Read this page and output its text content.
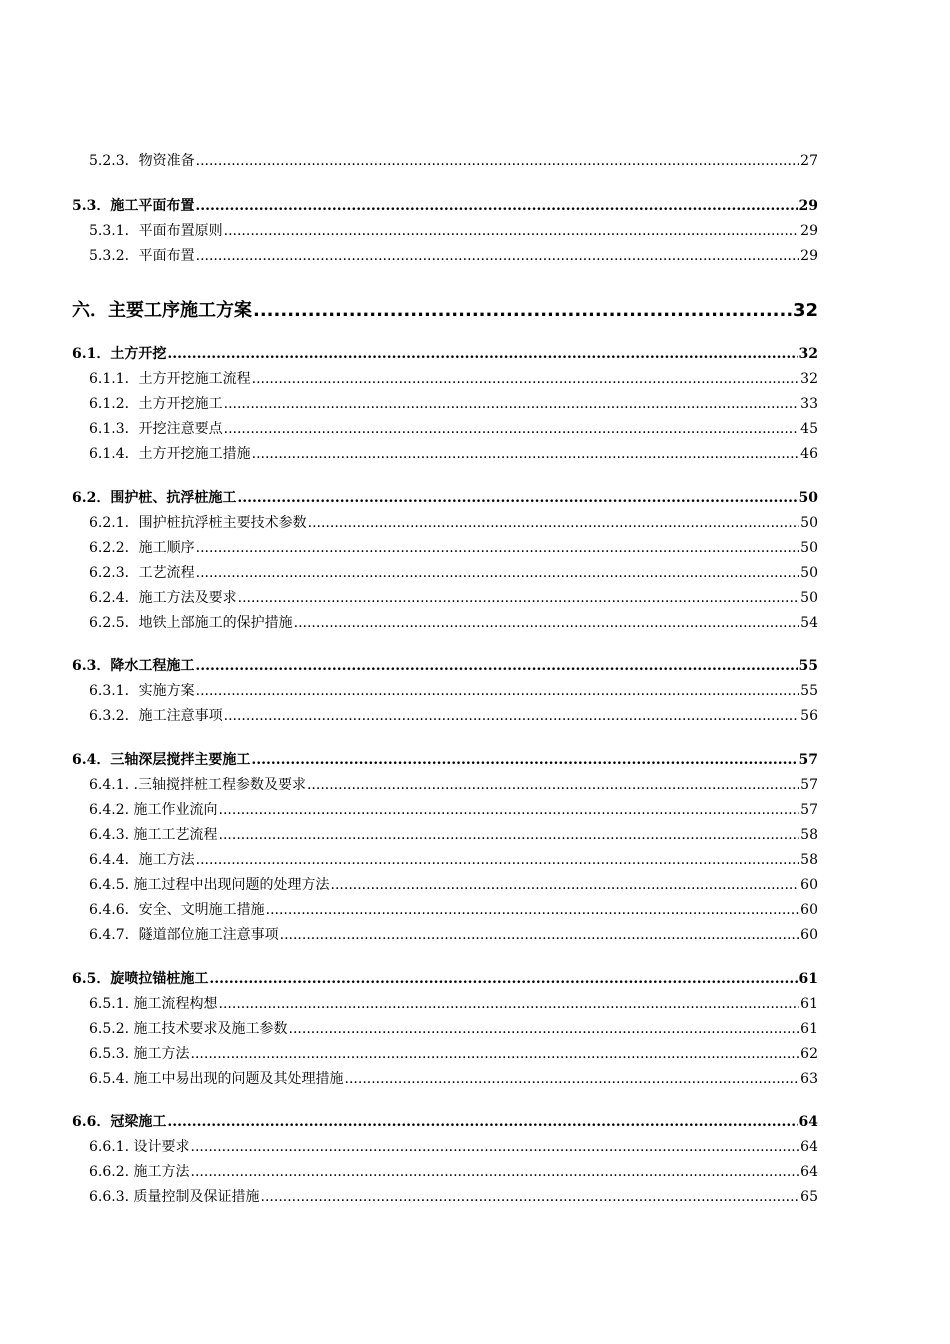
5.2.3．物资准备 .....	27
5.3．施工平面布置 .....	29
5.3.1．平面布置原则 .....	29
5.3.2．平面布置 .....	29
六．主要工序施工方案 .....	32
6.1．土方开挖 .....	32
6.1.1．土方开挖施工流程 .....	32
6.1.2．土方开挖施工 .....	33
6.1.3．开挖注意要点 .....	45
6.1.4．土方开挖施工措施 .....	46
6.2．围护桩、抗浮桩施工 .....	50
6.2.1．围护桩抗浮桩主要技术参数 .....	50
6.2.2．施工顺序 .....	50
6.2.3．工艺流程 .....	50
6.2.4．施工方法及要求 .....	50
6.2.5．地铁上部施工的保护措施 .....	54
6.3．降水工程施工 .....	55
6.3.1．实施方案 .....	55
6.3.2．施工注意事项 .....	56
6.4．三轴深层搅拌主要施工 .....	57
6.4.1. .三轴搅拌桩工程参数及要求 .....	57
6.4.2. 施工作业流向 .....	57
6.4.3. 施工工艺流程 .....	58
6.4.4．施工方法 .....	58
6.4.5. 施工过程中出现问题的处理方法 .....	60
6.4.6．安全、文明施工措施 .....	60
6.4.7．隧道部位施工注意事项 .....	60
6.5．旋喷拉锚桩施工 .....	61
6.5.1. 施工流程构想 .....	61
6.5.2. 施工技术要求及施工参数 .....	61
6.5.3. 施工方法 .....	62
6.5.4. 施工中易出现的问题及其处理措施 .....	63
6.6．冠梁施工 .....	64
6.6.1. 设计要求 .....	64
6.6.2. 施工方法 .....	64
6.6.3. 质量控制及保证措施 .....	65
